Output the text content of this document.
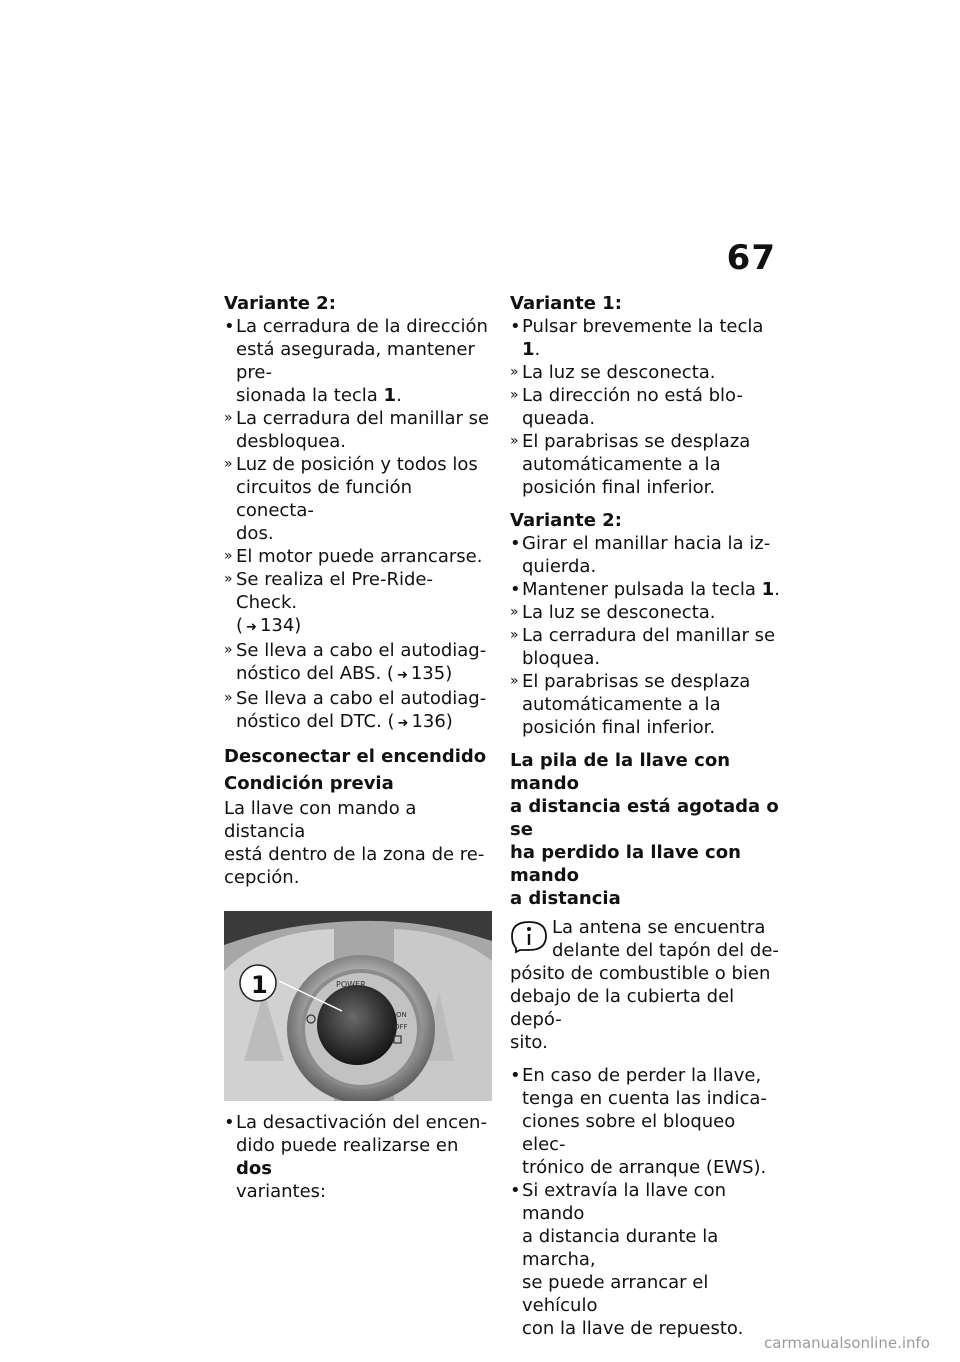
67

Variante 2:

• La cerradura de la dirección
está asegurada, mantener pre-
sionada la tecla 1.
» La cerradura del manillar se
desbloquea.
» Luz de posición y todos los
circuitos de función conecta-
dos.
» El motor puede arrancarse.
» Se realiza el Pre-Ride-Check.
( ➜ 134)
» Se lleva a cabo el autodiag-
nóstico del ABS. ( ➜ 135)
» Se lleva a cabo el autodiag-
nóstico del DTC. ( ➜ 136)

Desconectar el encendido

Condición previa

La llave con mando a distancia
está dentro de la zona de re-
cepción.
POWER
ON
OFF
1
• La desactivación del encen-
dido puede realizarse en dos
variantes:

Variante 1:

• Pulsar brevemente la tecla 1.
» La luz se desconecta.
» La dirección no está blo-
queada.
» El parabrisas se desplaza
automáticamente a la
posición final inferior.

Variante 2:

• Girar el manillar hacia la iz-
quierda.
• Mantener pulsada la tecla 1.
» La luz se desconecta.
» La cerradura del manillar se
bloquea.
» El parabrisas se desplaza
automáticamente a la
posición final inferior.
La pila de la llave con mando
a distancia está agotada o se
ha perdido la llave con mando
a distancia
La antena se encuentra
delante del tapón del de-
pósito de combustible o bien
debajo de la cubierta del depó-
sito.
• En caso de perder la llave,
tenga en cuenta las indica-
ciones sobre el bloqueo elec-
trónico de arranque (EWS).
• Si extravía la llave con mando
a distancia durante la marcha,
se puede arrancar el vehículo
con la llave de repuesto.
carmanualsonline.info
